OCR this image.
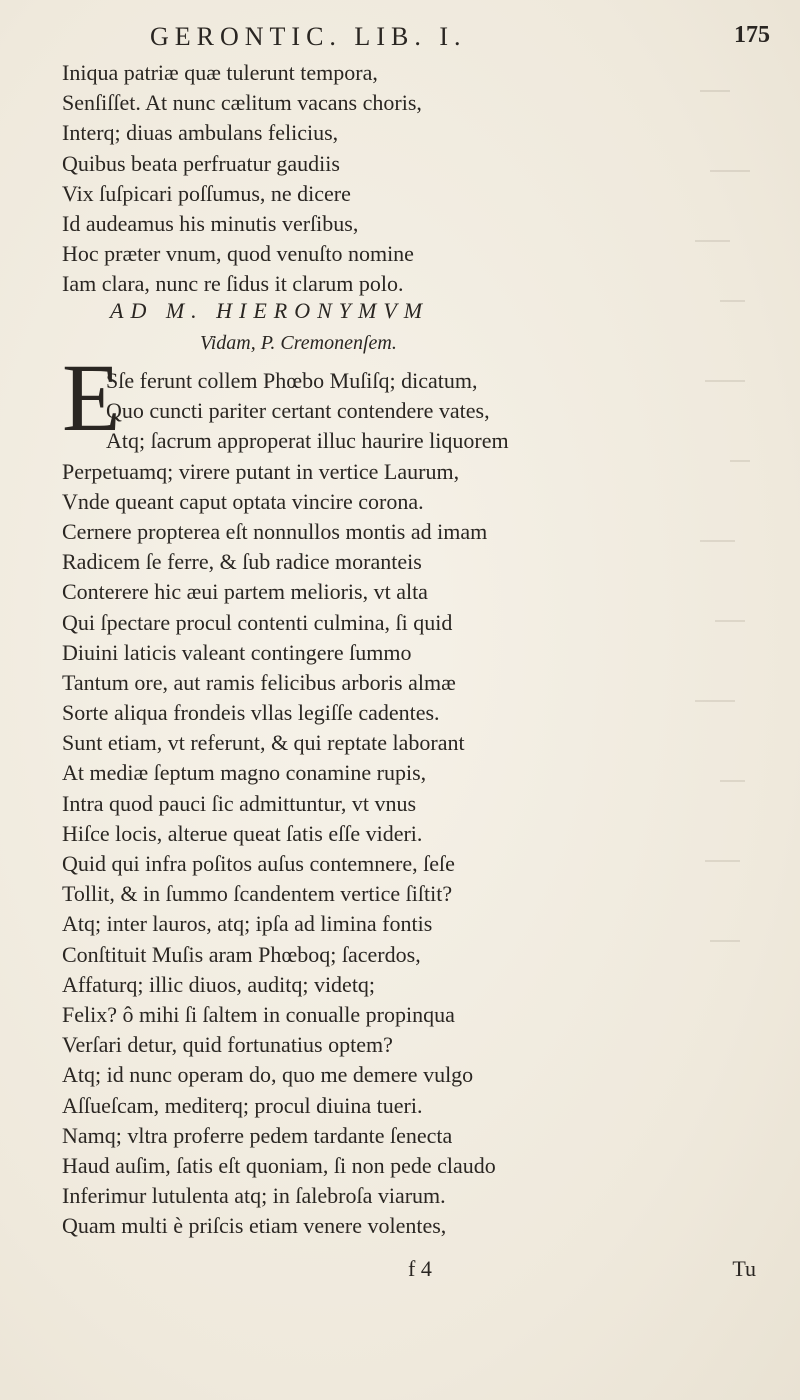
GERONTIC. LIB. I.	175
Iniqua patriæ quæ tulerunt tempora,
Senſiſſet. At nunc cælitum vacans choris,
Interq; diuas ambulans felicius,
Quibus beata perfruatur gaudiis
Vix ſuſpicari poſſumus, ne dicere
Id audeamus his minutis verſibus,
Hoc præter vnum, quod venuſto nomine
Iam clara, nunc re ſidus it clarum polo.
AD M. HIERONYMVM
Vidam, P. Cremonenſem.
E
Sſe ferunt collem Phœbo Muſiſq; dicatum,
Quo cuncti pariter certant contendere vates,
Atq; ſacrum approperat illuc haurire liquorem
Perpetuamq; virere putant in vertice Laurum,
Vnde queant caput optata vincire corona.
Cernere propterea eſt nonnullos montis ad imam
Radicem ſe ferre, & ſub radice moranteis
Conterere hic æui partem melioris, vt alta
Qui ſpectare procul contenti culmina, ſi quid
Diuini laticis valeant contingere ſummo
Tantum ore, aut ramis felicibus arboris almæ
Sorte aliqua frondeis vllas legiſſe cadentes.
Sunt etiam, vt referunt, & qui reptate laborant
At mediæ ſeptum magno conamine rupis,
Intra quod pauci ſic admittuntur, vt vnus
Hiſce locis, alterue queat ſatis eſſe videri.
Quid qui infra poſitos auſus contemnere, ſeſe
Tollit, & in ſummo ſcandentem vertice ſiſtit?
Atq; inter lauros, atq; ipſa ad limina fontis
Conſtituit Muſis aram Phœboq; ſacerdos,
Affaturq; illic diuos, auditq; videtq;
Felix? ô mihi ſi ſaltem in conualle propinqua
Verſari detur, quid fortunatius optem?
Atq; id nunc operam do, quo me demere vulgo
Aſſueſcam, mediterq; procul diuina tueri.
Namq; vltra proferre pedem tardante ſenecta
Haud auſim, ſatis eſt quoniam, ſi non pede claudo
Inferimur lutulenta atq; in ſalebroſa viarum.
Quam multi è priſcis etiam venere volentes,
f 4	Tu
